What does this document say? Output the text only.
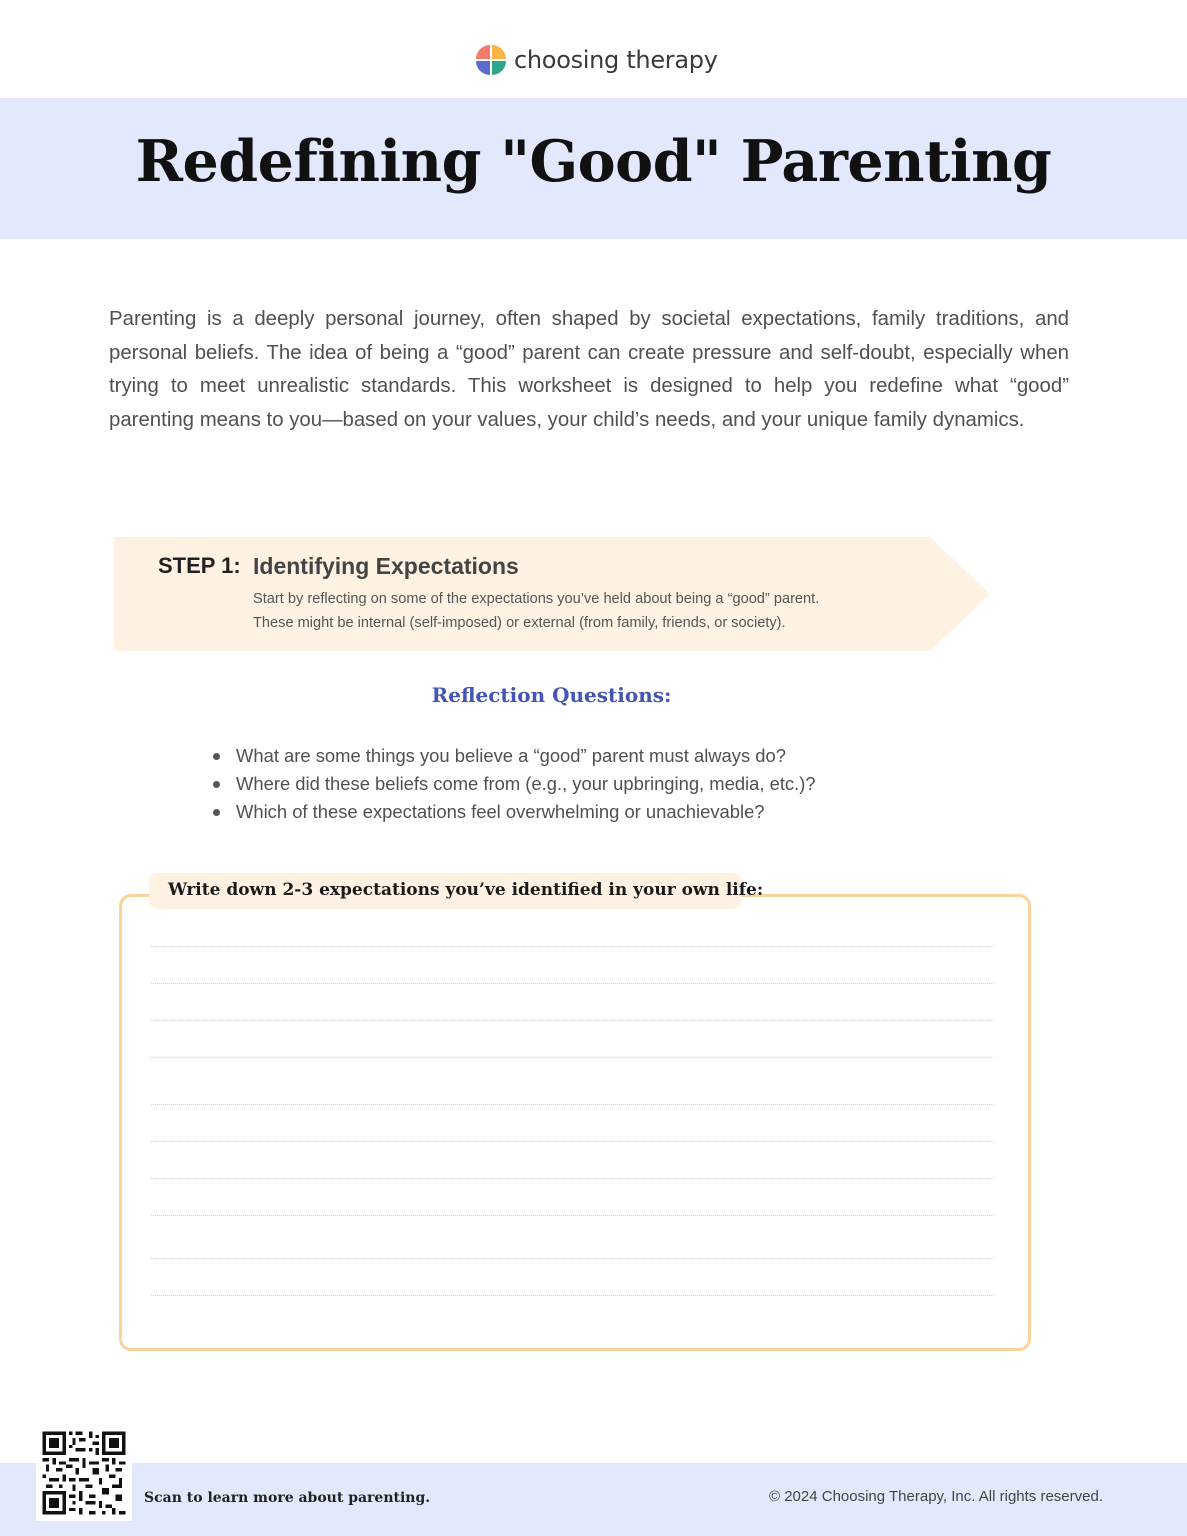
choosing therapy
Redefining "Good" Parenting

Parenting is a deeply personal journey, often shaped by societal expectations, family traditions, and personal beliefs. The idea of being a “good” parent can create pressure and self-doubt, especially when trying to meet unrealistic standards. This worksheet is designed to help you redefine what “good” parenting means to you—based on your values, your child’s needs, and your unique family dynamics.

STEP 1: Identifying Expectations

Start by reflecting on some of the expectations you’ve held about being a “good” parent.
These might be internal (self-imposed) or external (from family, friends, or society).

Reflection Questions:
What are some things you believe a “good” parent must always do?
Where did these beliefs come from (e.g., your upbringing, media, etc.)?
Which of these expectations feel overwhelming or unachievable?
Write down 2-3 expectations you’ve identified in your own life:
Scan to learn more about parenting.	© 2024 Choosing Therapy, Inc. All rights reserved.
